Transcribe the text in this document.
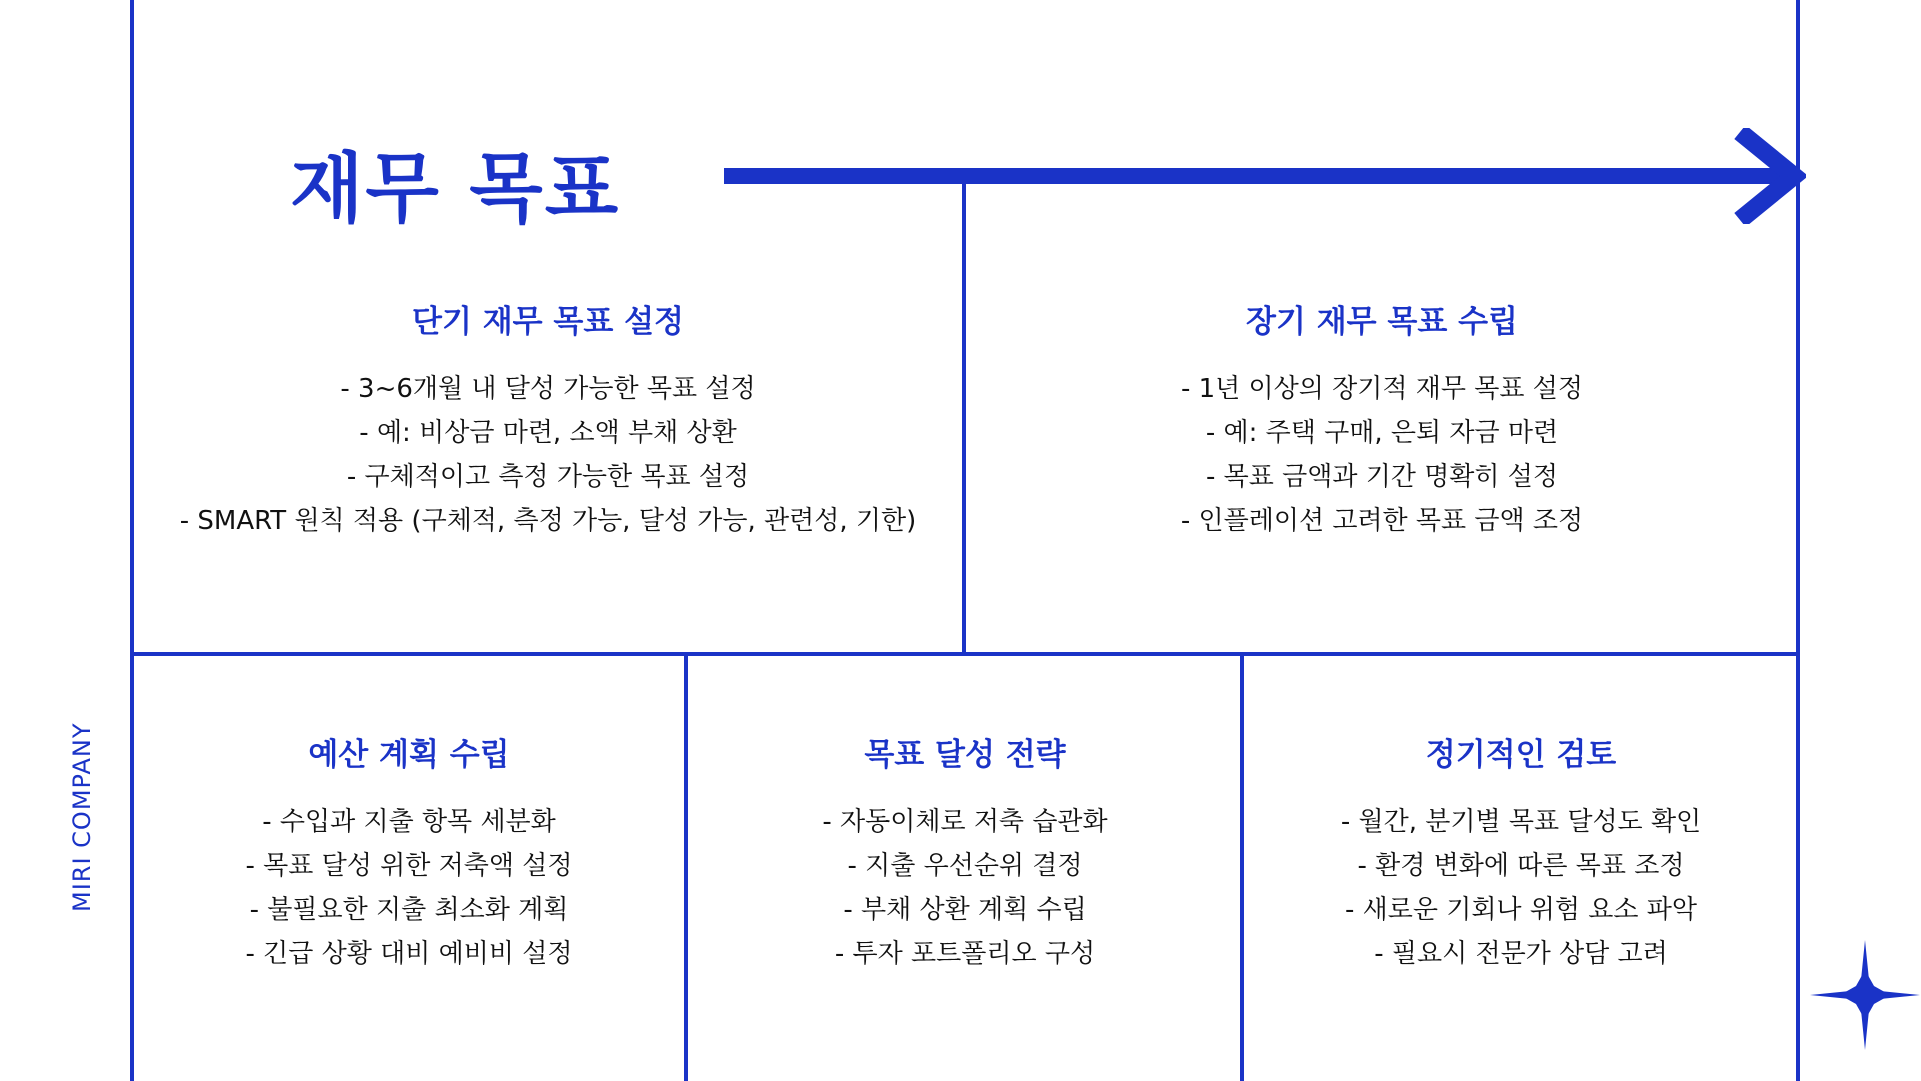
재무 목표
단기 재무 목표 설정
- 3~6개월 내 달성 가능한 목표 설정
- 예: 비상금 마련, 소액 부채 상환
- 구체적이고 측정 가능한 목표 설정
- SMART 원칙 적용 (구체적, 측정 가능, 달성 가능, 관련성, 기한)
장기 재무 목표 수립
- 1년 이상의 장기적 재무 목표 설정
- 예: 주택 구매, 은퇴 자금 마련
- 목표 금액과 기간 명확히 설정
- 인플레이션 고려한 목표 금액 조정
예산 계획 수립
- 수입과 지출 항목 세분화
- 목표 달성 위한 저축액 설정
- 불필요한 지출 최소화 계획
- 긴급 상황 대비 예비비 설정
목표 달성 전략
- 자동이체로 저축 습관화
- 지출 우선순위 결정
- 부채 상환 계획 수립
- 투자 포트폴리오 구성
정기적인 검토
- 월간, 분기별 목표 달성도 확인
- 환경 변화에 따른 목표 조정
- 새로운 기회나 위험 요소 파악
- 필요시 전문가 상담 고려
MIRI COMPANY
